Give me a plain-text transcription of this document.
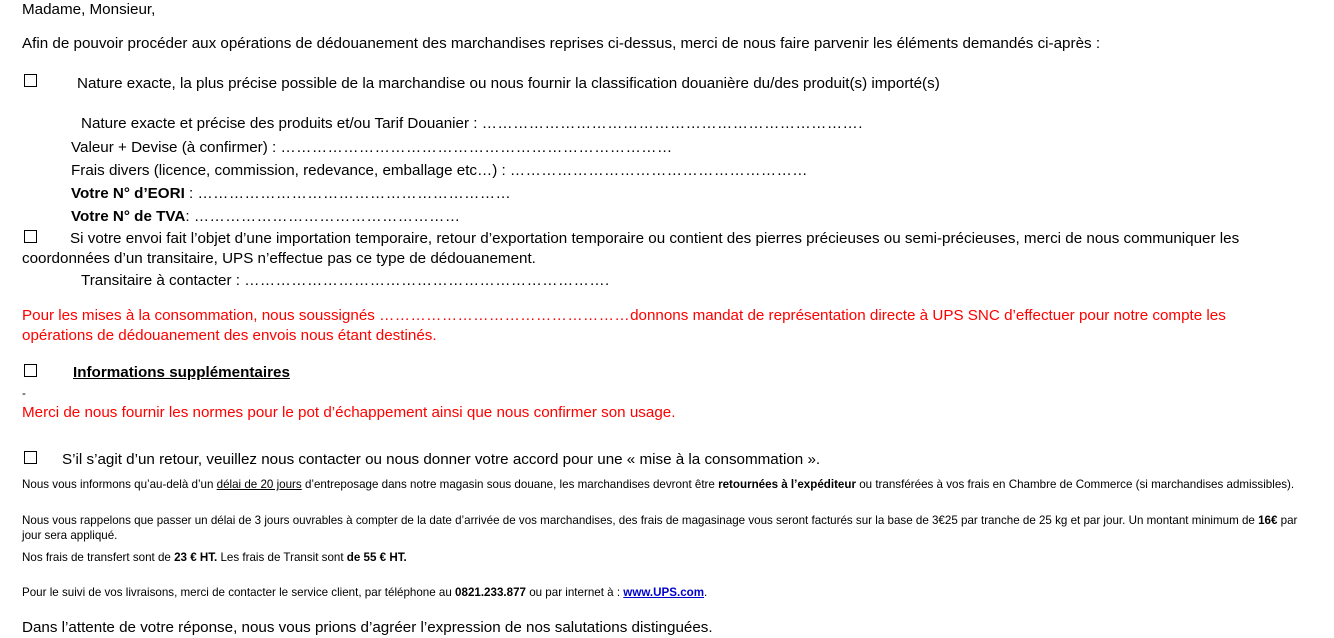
Madame, Monsieur,
Afin de pouvoir procéder aux opérations de dédouanement des marchandises reprises ci-dessus, merci de nous faire parvenir les éléments demandés ci-après :
Nature exacte, la plus précise possible de la marchandise ou nous fournir la classification douanière du/des produit(s) importé(s)
Nature exacte et précise des produits et/ou Tarif Douanier : ……………………………………………………………….
Valeur + Devise (à confirmer) : …………………………………………………………………
Frais divers (licence, commission, redevance, emballage etc…) : …………………………………………………
Votre N° d’EORI : ……………………………………………………
Votre N° de TVA: ……………………………………………
Si votre envoi fait l’objet d’une importation temporaire, retour d’exportation temporaire ou contient des pierres précieuses ou semi-précieuses, merci de nous communiquer les coordonnées d’un transitaire, UPS n’effectue pas ce type de dédouanement.
Transitaire à contacter : …………………………………………………………….
Pour les mises à la consommation, nous soussignés …………………………………………donnons mandat de représentation directe à UPS SNC d’effectuer pour notre compte les opérations de dédouanement des envois nous étant destinés.
Informations supplémentaires
-
Merci de nous fournir les normes pour le pot d’échappement ainsi que nous confirmer son usage.
S’il s’agit d’un retour, veuillez nous contacter ou nous donner votre accord pour une « mise à la consommation ».
Nous vous informons qu’au-delà d’un délai de 20 jours d’entreposage dans notre magasin sous douane, les marchandises devront être retournées à l’expéditeur ou transférées à vos frais en Chambre de Commerce (si marchandises admissibles).
Nous vous rappelons que passer un délai de 3 jours ouvrables à compter de la date d’arrivée de vos marchandises, des frais de magasinage vous seront facturés sur la base de 3€25 par tranche de 25 kg et par jour. Un montant minimum de 16€ par jour sera appliqué.
Nos frais de transfert sont de 23 € HT. Les frais de Transit sont de 55 € HT.
Pour le suivi de vos livraisons, merci de contacter le service client, par téléphone au 0821.233.877 ou par internet à : www.UPS.com.
Dans l’attente de votre réponse, nous vous prions d’agréer l’expression de nos salutations distinguées.
